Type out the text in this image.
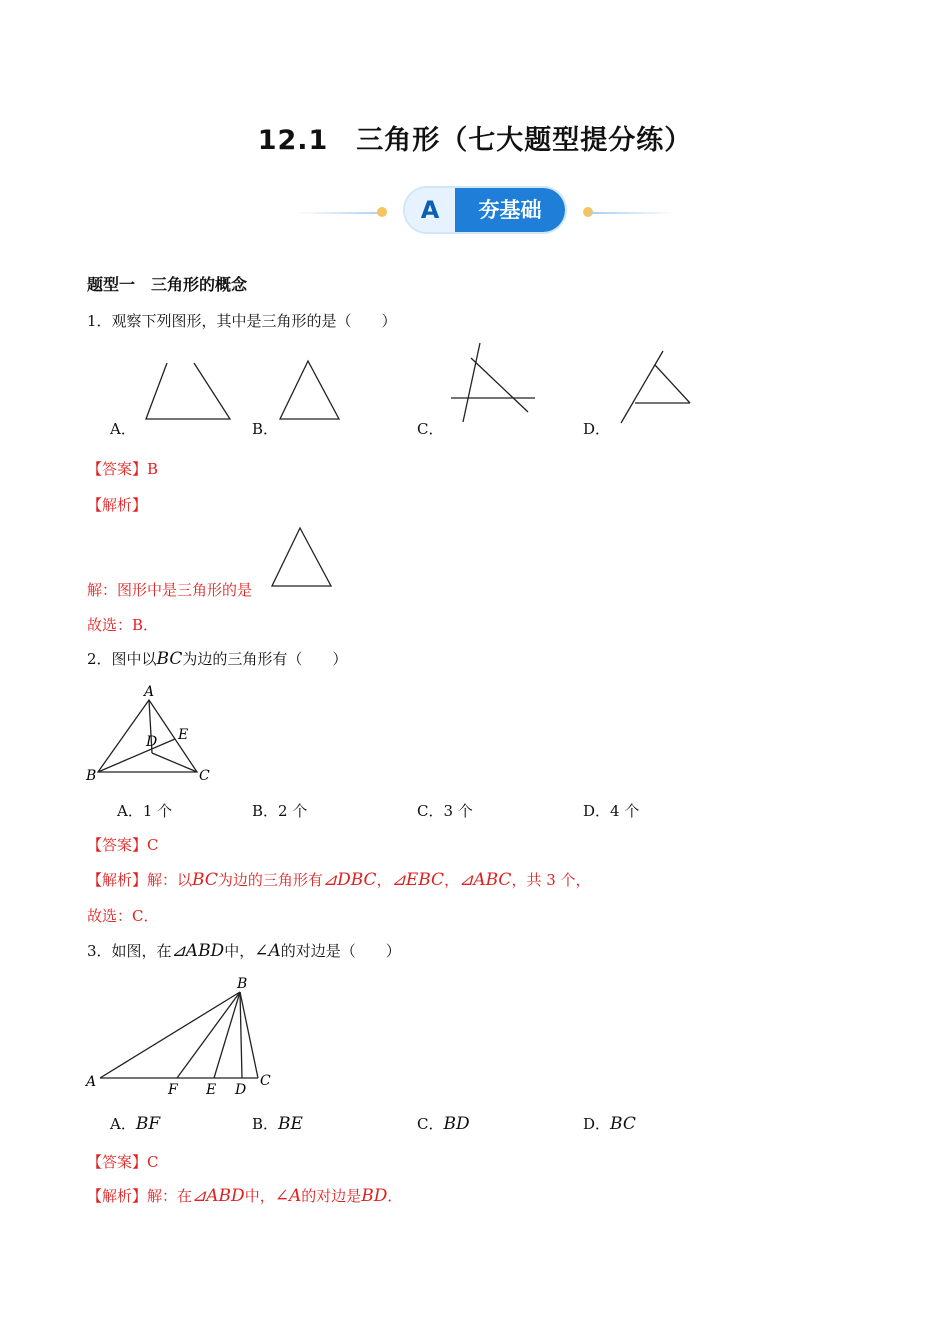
12.1　三角形（七大题型提分练）
A	夯基础
题型一　三角形的概念
1．观察下列图形，其中是三角形的是（　　）
A．	B．	C．	D．
【答案】B
【解析】
解：图形中是三角形的是
故选：B．
2．图中以BC为边的三角形有（　　）
A
B	C
D E
A．1 个	B．2 个	C．3 个	D．4 个
【答案】C
【解析】解：以BC为边的三角形有⊿DBC，⊿EBC，⊿ABC，共 3 个，
故选：C．
3．如图，在⊿ABD中，∠A的对边是（　　）
B
A	F E D
C
A．BF	B．BE	C．BD	D．BC
【答案】C
【解析】解：在⊿ABD中，∠A的对边是BD．
